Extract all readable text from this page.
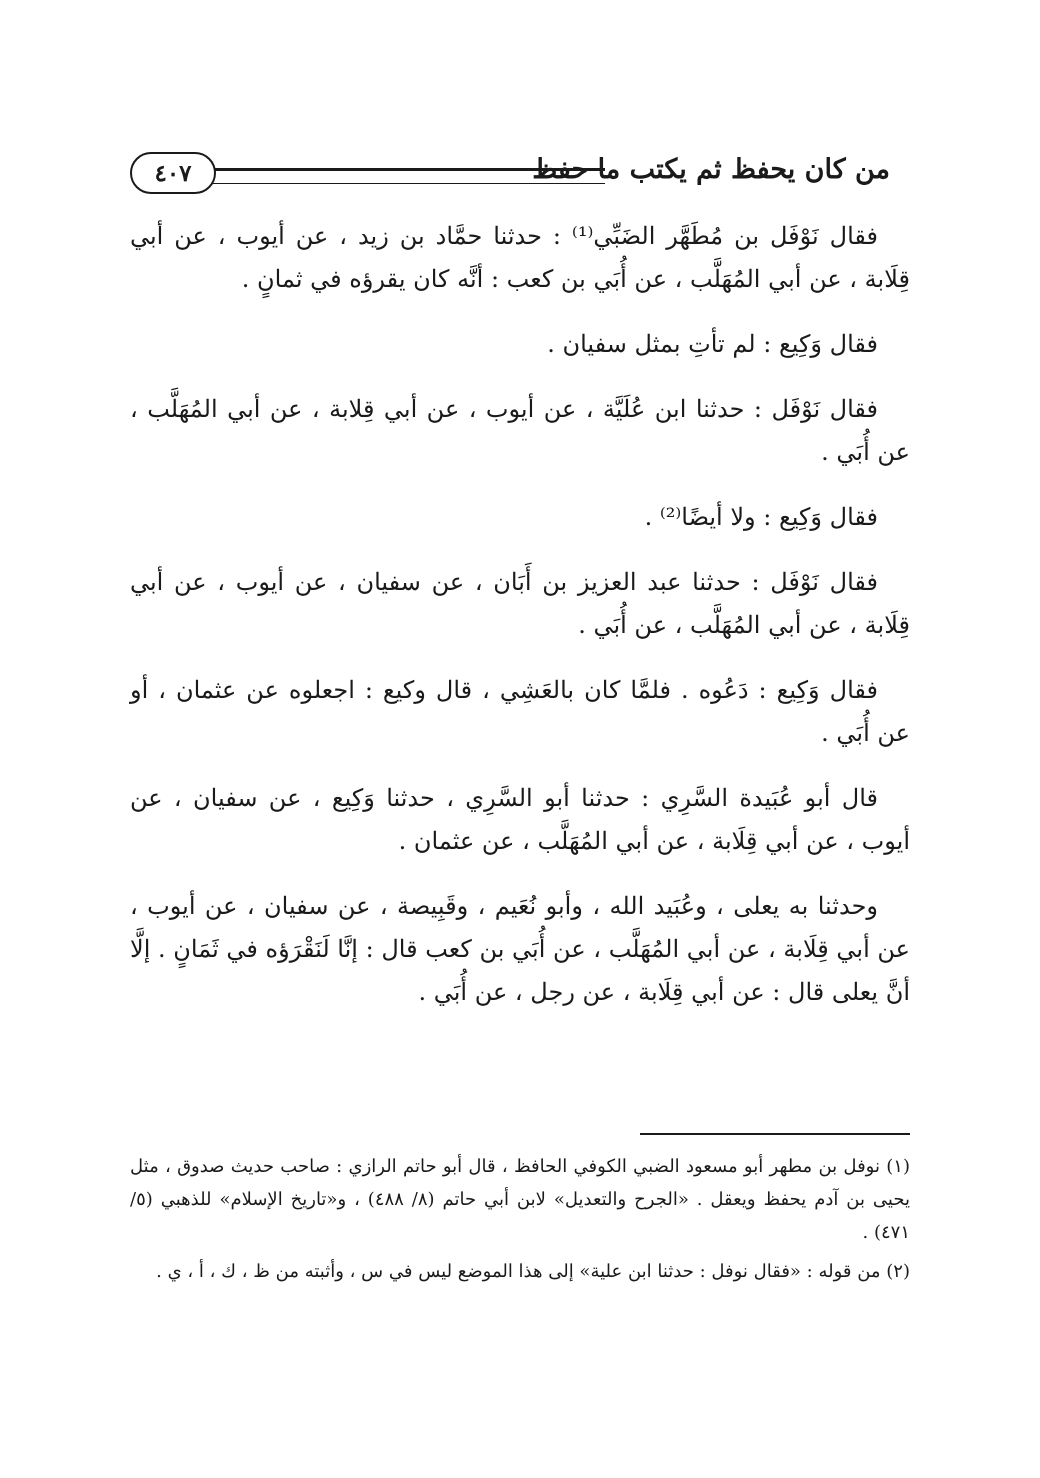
من كان يحفظ ثم يكتب ما حفظ
٤٠٧

فقال نَوْفَل بن مُطَهَّر الضَبِّي⁽¹⁾ : حدثنا حمَّاد بن زيد ، عن أيوب ، عن أبي قِلَابة ، عن أبي المُهَلَّب ، عن أُبَي بن كعب : أنَّه كان يقرؤه في ثمانٍ .

فقال وَكِيع : لم تأتِ بمثل سفيان .

فقال نَوْفَل : حدثنا ابن عُلَيَّة ، عن أيوب ، عن أبي قِلابة ، عن أبي المُهَلَّب ، عن أُبَي .

فقال وَكِيع : ولا أيضًا⁽²⁾ .

فقال نَوْفَل : حدثنا عبد العزيز بن أَبَان ، عن سفيان ، عن أيوب ، عن أبي قِلَابة ، عن أبي المُهَلَّب ، عن أُبَي .

فقال وَكِيع : دَعُوه . فلمَّا كان بالعَشِي ، قال وكيع : اجعلوه عن عثمان ، أو عن أُبَي .

قال أبو عُبَيدة السَّرِي : حدثنا أبو السَّرِي ، حدثنا وَكِيع ، عن سفيان ، عن أيوب ، عن أبي قِلَابة ، عن أبي المُهَلَّب ، عن عثمان .

وحدثنا به يعلى ، وعُبَيد الله ، وأبو نُعَيم ، وقَبِيصة ، عن سفيان ، عن أيوب ، عن أبي قِلَابة ، عن أبي المُهَلَّب ، عن أُبَي بن كعب قال : إنَّا لَنَقْرَؤه في ثَمَانٍ . إلَّا أنَّ يعلى قال : عن أبي قِلَابة ، عن رجل ، عن أُبَي .

(١) نوفل بن مطهر أبو مسعود الضبي الكوفي الحافظ ، قال أبو حاتم الرازي : صاحب حديث صدوق ، مثل يحيى بن آدم يحفظ ويعقل . «الجرح والتعديل» لابن أبي حاتم (٨/ ٤٨٨) ، و«تاريخ الإسلام» للذهبي (٥/ ٤٧١) .

(٢) من قوله : «فقال نوفل : حدثنا ابن علية» إلى هذا الموضع ليس في س ، وأثبته من ظ ، ك ، أ ، ي .
